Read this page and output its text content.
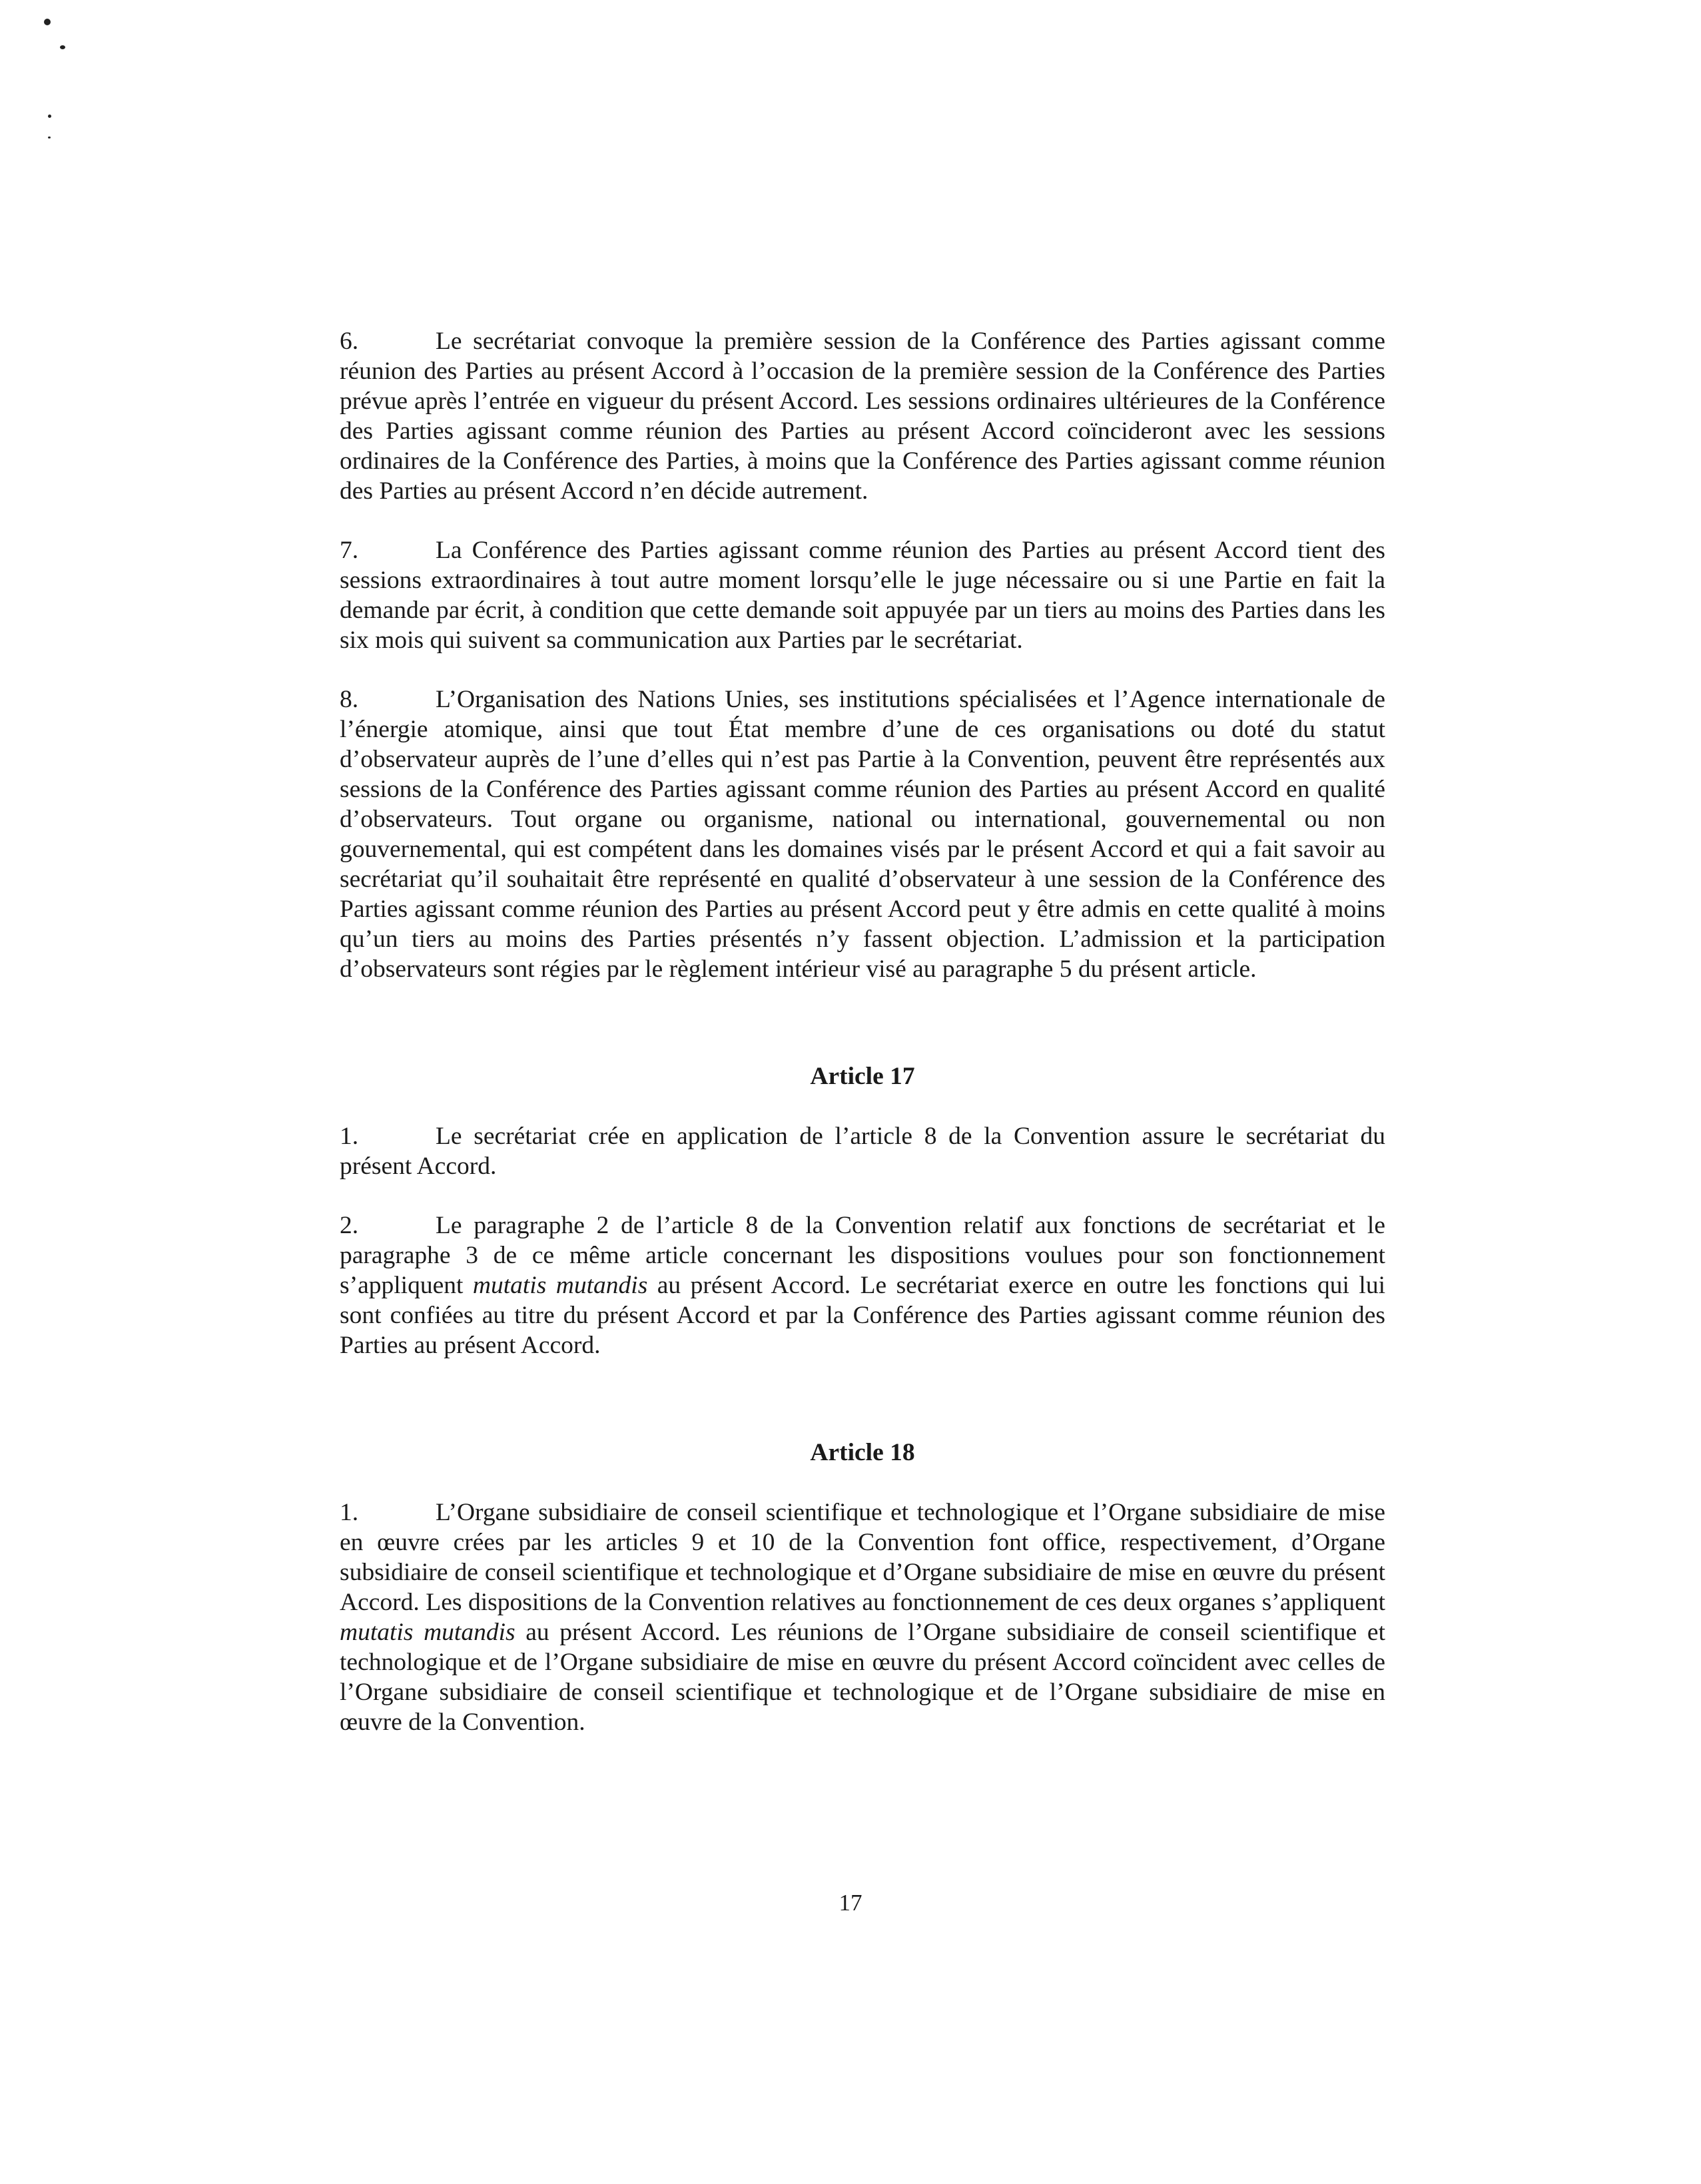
6.	Le secrétariat convoque la première session de la Conférence des Parties agissant comme réunion des Parties au présent Accord à l’occasion de la première session de la Conférence des Parties prévue après l’entrée en vigueur du présent Accord. Les sessions ordinaires ultérieures de la Conférence des Parties agissant comme réunion des Parties au présent Accord coïncideront avec les sessions ordinaires de la Conférence des Parties, à moins que la Conférence des Parties agissant comme réunion des Parties au présent Accord n’en décide autrement.

7.	La Conférence des Parties agissant comme réunion des Parties au présent Accord tient des sessions extraordinaires à tout autre moment lorsqu’elle le juge nécessaire ou si une Partie en fait la demande par écrit, à condition que cette demande soit appuyée par un tiers au moins des Parties dans les six mois qui suivent sa communication aux Parties par le secrétariat.

8.	L’Organisation des Nations Unies, ses institutions spécialisées et l’Agence internationale de l’énergie atomique, ainsi que tout État membre d’une de ces organisations ou doté du statut d’observateur auprès de l’une d’elles qui n’est pas Partie à la Convention, peuvent être représentés aux sessions de la Conférence des Parties agissant comme réunion des Parties au présent Accord en qualité d’observateurs. Tout organe ou organisme, national ou international, gouvernemental ou non gouvernemental, qui est compétent dans les domaines visés par le présent Accord et qui a fait savoir au secrétariat qu’il souhaitait être représenté en qualité d’observateur à une session de la Conférence des Parties agissant comme réunion des Parties au présent Accord peut y être admis en cette qualité à moins qu’un tiers au moins des Parties présentés n’y fassent objection. L’admission et la participation d’observateurs sont régies par le règlement intérieur visé au paragraphe 5 du présent article.

Article 17

1.	Le secrétariat crée en application de l’article 8 de la Convention assure le secrétariat du présent Accord.

2.	Le paragraphe 2 de l’article 8 de la Convention relatif aux fonctions de secrétariat et le paragraphe 3 de ce même article concernant les dispositions voulues pour son fonctionnement s’appliquent mutatis mutandis au présent Accord. Le secrétariat exerce en outre les fonctions qui lui sont confiées au titre du présent Accord et par la Conférence des Parties agissant comme réunion des Parties au présent Accord.

Article 18

1.	L’Organe subsidiaire de conseil scientifique et technologique et l’Organe subsidiaire de mise en œuvre crées par les articles 9 et 10 de la Convention font office, respectivement, d’Organe subsidiaire de conseil scientifique et technologique et d’Organe subsidiaire de mise en œuvre du présent Accord. Les dispositions de la Convention relatives au fonctionnement de ces deux organes s’appliquent mutatis mutandis au présent Accord. Les réunions de l’Organe subsidiaire de conseil scientifique et technologique et de l’Organe subsidiaire de mise en œuvre du présent Accord coïncident avec celles de l’Organe subsidiaire de conseil scientifique et technologique et de l’Organe subsidiaire de mise en œuvre de la Convention.

17
